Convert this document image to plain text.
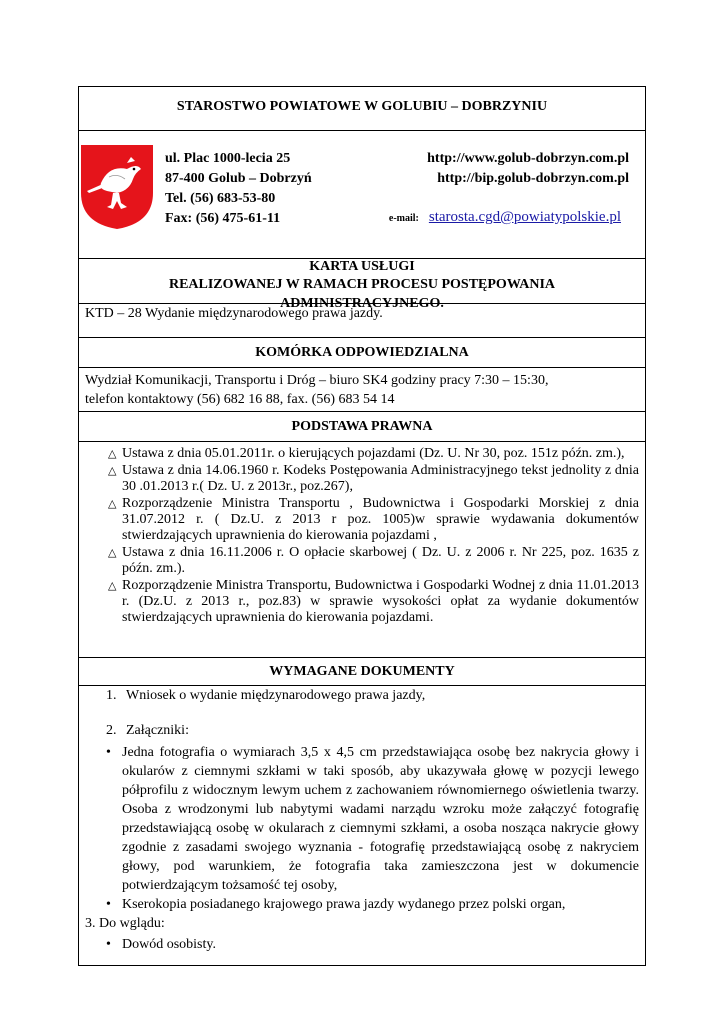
STAROSTWO POWIATOWE W GOLUBIU – DOBRZYNIU
ul. Plac 1000-lecia 25
87-400 Golub – Dobrzyń
Tel. (56) 683-53-80
Fax: (56) 475-61-11
http://www.golub-dobrzyn.com.pl
http://bip.golub-dobrzyn.com.pl
e-mail: starosta.cgd@powiatypolskie.pl
KARTA USŁUGI
REALIZOWANEJ W RAMACH PROCESU POSTĘPOWANIA
ADMINISTRACYJNEGO.
KTD – 28 Wydanie międzynarodowego prawa jazdy.
KOMÓRKA ODPOWIEDZIALNA
Wydział Komunikacji, Transportu i Dróg – biuro SK4 godziny pracy 7:30 – 15:30,
telefon kontaktowy (56) 682 16 88, fax. (56) 683 54 14
PODSTAWA PRAWNA
△ Ustawa z dnia 05.01.2011r. o kierujących pojazdami (Dz. U. Nr 30, poz. 151z późn. zm.),
△ Ustawa z dnia 14.06.1960 r. Kodeks Postępowania Administracyjnego tekst jednolity z dnia 30 .01.2013 r.( Dz. U. z 2013r., poz.267),
△ Rozporządzenie Ministra Transportu , Budownictwa i Gospodarki Morskiej z dnia 31.07.2012 r. ( Dz.U. z 2013 r poz. 1005)w sprawie wydawania dokumentów stwierdzających uprawnienia do kierowania pojazdami ,
△ Ustawa z dnia 16.11.2006 r. O opłacie skarbowej ( Dz. U. z 2006 r. Nr 225, poz. 1635 z późn. zm.).
△ Rozporządzenie Ministra Transportu, Budownictwa i Gospodarki Wodnej z dnia 11.01.2013 r. (Dz.U. z 2013 r., poz.83) w sprawie wysokości opłat za wydanie dokumentów stwierdzających uprawnienia do kierowania pojazdami.
WYMAGANE DOKUMENTY
1. Wniosek o wydanie międzynarodowego prawa jazdy,
2. Załączniki:
• Jedna fotografia o wymiarach 3,5 x 4,5 cm przedstawiająca osobę bez nakrycia głowy i okularów z ciemnymi szkłami w taki sposób, aby ukazywała głowę w pozycji lewego półprofilu z widocznym lewym uchem z zachowaniem równomiernego oświetlenia twarzy. Osoba z wrodzonymi lub nabytymi wadami narządu wzroku może załączyć fotografię przedstawiającą osobę w okularach z ciemnymi szkłami, a osoba nosząca nakrycie głowy zgodnie z zasadami swojego wyznania - fotografię przedstawiającą osobę z nakryciem głowy, pod warunkiem, że fotografia taka zamieszczona jest w dokumencie potwierdzającym tożsamość tej osoby,
• Kserokopia posiadanego krajowego prawa jazdy wydanego przez polski organ,
3. Do wglądu:
• Dowód osobisty.
